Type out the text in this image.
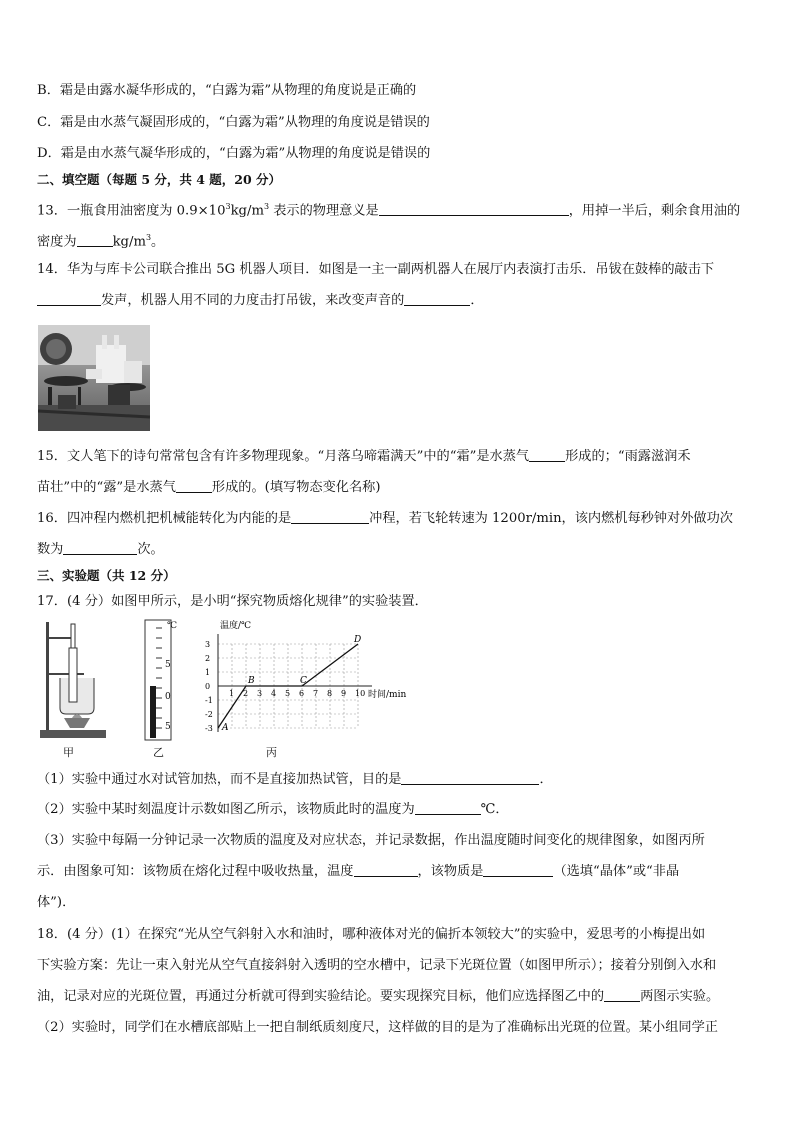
B．霜是由露水凝华形成的，“白露为霜”从物理的角度说是正确的
C．霜是由水蒸气凝固形成的，“白露为霜”从物理的角度说是错误的
D．霜是由水蒸气凝华形成的，“白露为霜”从物理的角度说是错误的
二、填空题（每题 5 分，共 4 题，20 分）
13．一瓶食用油密度为 $0.9\times 10^3kg/m^3$ 表示的物理意义是	，用掉一半后，剩余食用油的
密度为	$kg/m^3$。
14．华为与库卡公司联合推出 5G 机器人项目．如图是一主一副两机器人在展厅内表演打击乐．吊钹在鼓棒的敲击下
发声，机器人用不同的力度击打吊钹，来改变声音的	．
15．文人笔下的诗句常常包含有许多物理现象。“月落乌啼霜满天”中的“霜”是水蒸气	形成的；“雨露滋润禾
苗壮”中的“露”是水蒸气	形成的。(填写物态变化名称)
16．四冲程内燃机把机械能转化为内能的是	冲程，若飞轮转速为 1200r/min，该内燃机每秒钟对外做功次
数为	次。
三、实验题（共 12 分）
17．(4 分）如图甲所示，是小明“探究物质熔化规律”的实验装置．
甲
℃
5
0
5
乙
1 2 3 4 5 6 7 8 9 10
3
2
1
0
-1
-2
-3 A
B	C
D
温度/℃
时间/min
丙
（1）实验中通过水对试管加热，而不是直接加热试管，目的是	．
（2）实验中某时刻温度计示数如图乙所示，该物质此时的温度为	℃．
（3）实验中每隔一分钟记录一次物质的温度及对应状态，并记录数据，作出温度随时间变化的规律图象，如图丙所
示．由图象可知：该物质在熔化过程中吸收热量，温度	，该物质是	（选填“晶体”或“非晶
体”)．
18．(4 分）(1）在探究“光从空气斜射入水和油时，哪种液体对光的偏折本领较大”的实验中，爱思考的小梅提出如
下实验方案：先让一束入射光从空气直接斜射入透明的空水槽中，记录下光斑位置（如图甲所示）；接着分别倒入水和
油，记录对应的光斑位置，再通过分析就可得到实验结论。要实现探究目标，他们应选择图乙中的	两图示实验。
（2）实验时，同学们在水槽底部贴上一把自制纸质刻度尺，这样做的目的是为了准确标出光斑的位置。某小组同学正
